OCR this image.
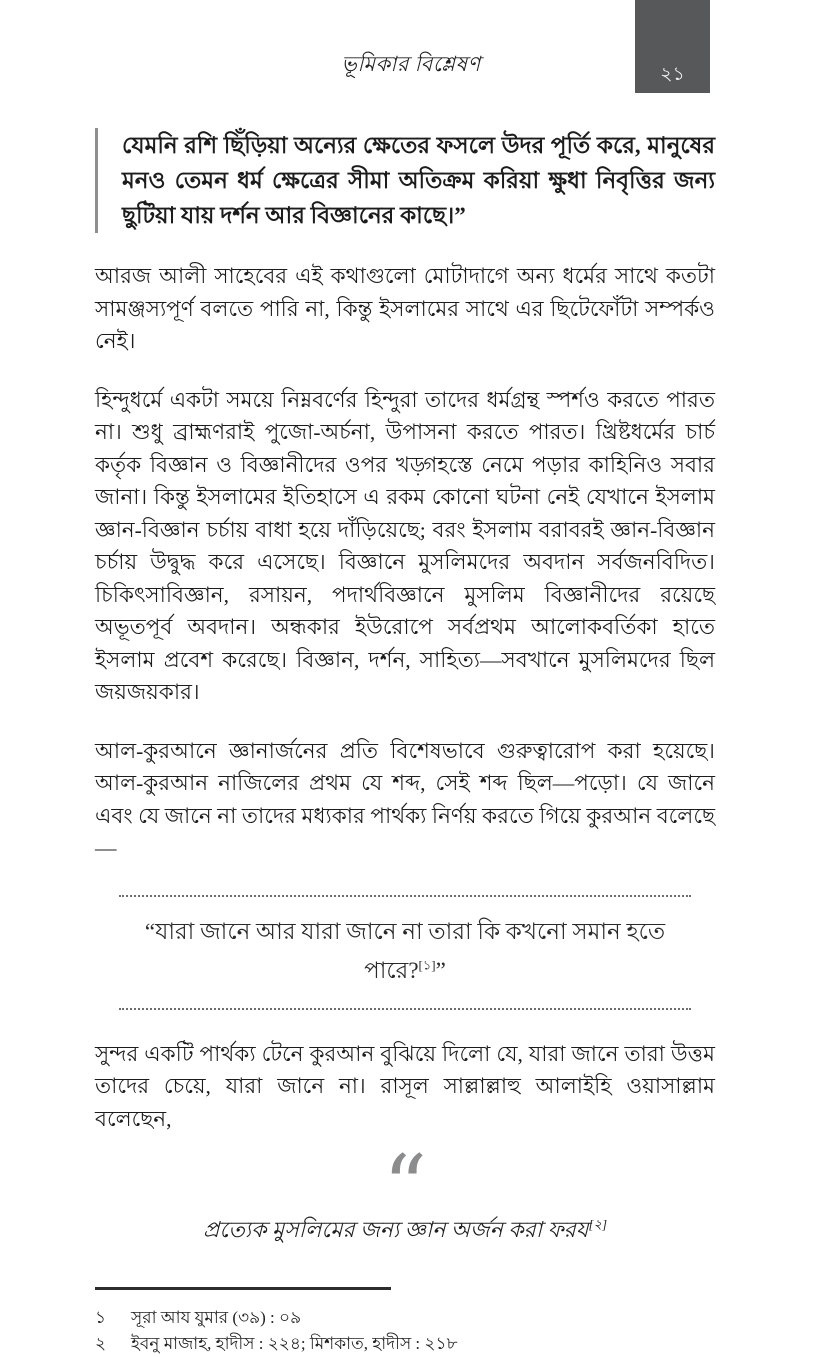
ভূমিকার বিশ্লেষণ	২১
যেমনি রশি ছিঁড়িয়া অন্যের ক্ষেতের ফসলে উদর পূর্তি করে, মানুষের মনও তেমন ধর্ম ক্ষেত্রের সীমা অতিক্রম করিয়া ক্ষুধা নিবৃত্তির জন্য ছুটিয়া যায় দর্শন আর বিজ্ঞানের কাছে।”

আরজ আলী সাহেবের এই কথাগুলো মোটাদাগে অন্য ধর্মের সাথে কতটা সামঞ্জস্যপূর্ণ বলতে পারি না, কিন্তু ইসলামের সাথে এর ছিটেফোঁটা সম্পর্কও নেই।

হিন্দুধর্মে একটা সময়ে নিম্নবর্ণের হিন্দুরা তাদের ধর্মগ্রন্থ স্পর্শও করতে পারত না। শুধু ব্রাহ্মণরাই পুজো-অর্চনা, উপাসনা করতে পারত। খ্রিষ্টধর্মের চার্চ কর্তৃক বিজ্ঞান ও বিজ্ঞানীদের ওপর খড়্গহস্তে নেমে পড়ার কাহিনিও সবার জানা। কিন্তু ইসলামের ইতিহাসে এ রকম কোনো ঘটনা নেই যেখানে ইসলাম জ্ঞান-বিজ্ঞান চর্চায় বাধা হয়ে দাঁড়িয়েছে; বরং ইসলাম বরাবরই জ্ঞান-বিজ্ঞান চর্চায় উদ্বুদ্ধ করে এসেছে। বিজ্ঞানে মুসলিমদের অবদান সর্বজনবিদিত। চিকিৎসাবিজ্ঞান, রসায়ন, পদার্থবিজ্ঞানে মুসলিম বিজ্ঞানীদের রয়েছে অভূতপূর্ব অবদান। অন্ধকার ইউরোপে সর্বপ্রথম আলোকবর্তিকা হাতে ইসলাম প্রবেশ করেছে। বিজ্ঞান, দর্শন, সাহিত্য—সবখানে মুসলিমদের ছিল জয়জয়কার।

আল-কুরআনে জ্ঞানার্জনের প্রতি বিশেষভাবে গুরুত্বারোপ করা হয়েছে। আল-কুরআন নাজিলের প্রথম যে শব্দ, সেই শব্দ ছিল—পড়ো। যে জানে এবং যে জানে না তাদের মধ্যকার পার্থক্য নির্ণয় করতে গিয়ে কুরআন বলেছে—

“যারা জানে আর যারা জানে না তারা কি কখনো সমান হতে পারে?[১]”

সুন্দর একটি পার্থক্য টেনে কুরআন বুঝিয়ে দিলো যে, যারা জানে তারা উত্তম তাদের চেয়ে, যারা জানে না। রাসূল সাল্লাল্লাহু আলাইহি ওয়াসাল্লাম বলেছেন,

“
প্রত্যেক মুসলিমের জন্য জ্ঞান অর্জন করা ফরয[২]
১	সূরা আয যুমার (৩৯) : ০৯
২	ইবনু মাজাহ, হাদীস : ২২৪; মিশকাত, হাদীস : ২১৮
